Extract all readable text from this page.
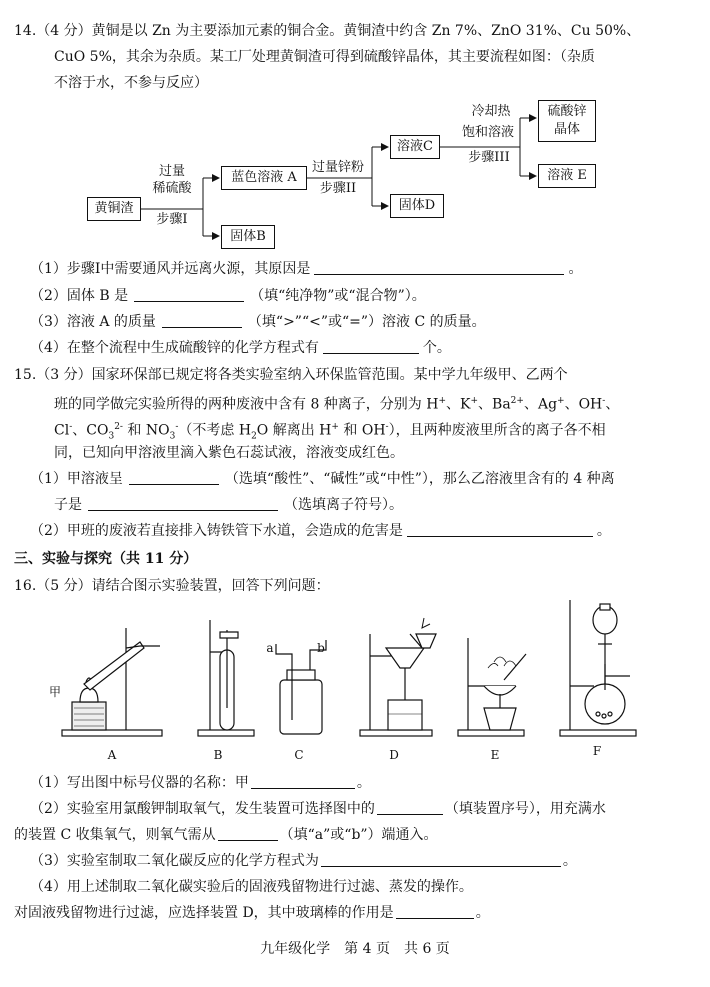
14.（4 分）黄铜是以 Zn 为主要添加元素的铜合金。黄铜渣中约含 Zn 7%、ZnO 31%、Cu 50%、
CuO 5%，其余为杂质。某工厂处理黄铜渣可得到硫酸锌晶体，其主要流程如图：（杂质
不溶于水，不参与反应）
黄铜渣
过量
稀硫酸
步骤I
蓝色溶液 A
固体B
过量锌粉
步骤II
溶液C
固体D
冷却热
饱和溶液
步骤III
硫酸锌
晶体
溶液 E
（1）步骤I中需要通风并远离火源，其原因是	。
（2）固体 B 是	（填“纯净物”或“混合物”）。
（3）溶液 A 的质量	（填“>”“<”或“=”）溶液 C 的质量。
（4）在整个流程中生成硫酸锌的化学方程式有	个。
15.（3 分）国家环保部已规定将各类实验室纳入环保监管范围。某中学九年级甲、乙两个
班的同学做完实验所得的两种废液中含有 8 种离子，分别为 H+、K+、$Ba^{2+}$、Ag+、OH-、
Cl-、$CO_3^{2-}$ 和 $NO_3^-$（不考虑 $H_2O$ 解离出 H+ 和 OH-），且两种废液里所含的离子各不相
同，已知向甲溶液里滴入紫色石蕊试液，溶液变成红色。
（1）甲溶液呈	（选填“酸性”、“碱性”或“中性”），那么乙溶液里含有的 4 种离
子是	（选填离子符号）。
（2）甲班的废液若直接排入铸铁管下水道，会造成的危害是	。
三、实验与探究（共 11 分）
16.（5 分）请结合图示实验装置，回答下列问题：
A	B	C	D	E	F
甲
a	b
（1）写出图中标号仪器的名称：甲	。
（2）实验室用氯酸钾制取氧气，发生装置可选择图中的	（填装置序号），用充满水
的装置 C 收集氧气，则氧气需从	（填“a”或“b”）端通入。
（3）实验室制取二氧化碳反应的化学方程式为	。
（4）用上述制取二氧化碳实验后的固液残留物进行过滤、蒸发的操作。
对固液残留物进行过滤，应选择装置 D，其中玻璃棒的作用是	。
九年级化学　第 4 页　共 6 页
